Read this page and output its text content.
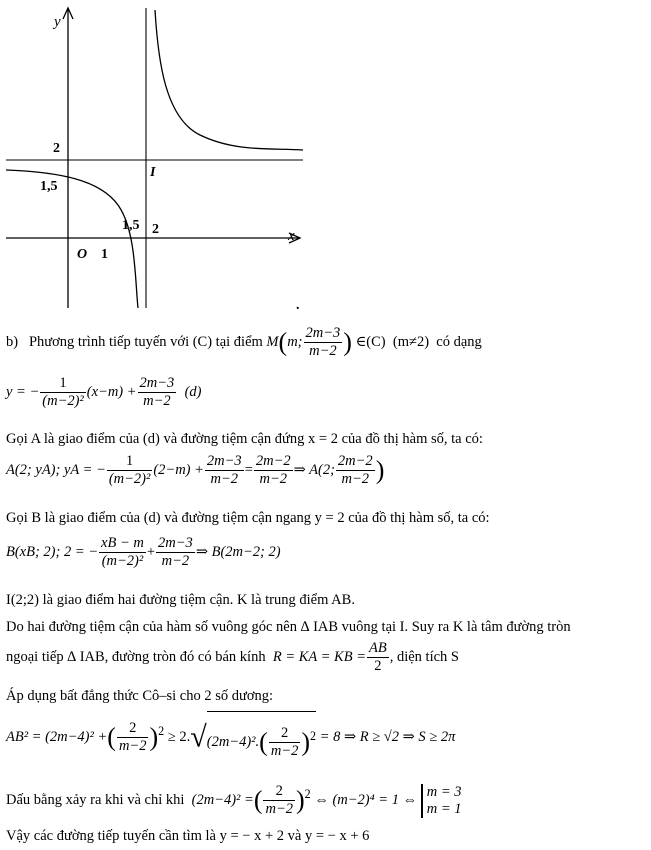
y
x
2
1,5
I
1,5 2
O 1
.
b) Phương trình tiếp tuyến với (C) tại điểm M(m; $\frac{2m-3}{m-2}$ ) ∈(C) (m≠2) có dạng
y = − $\frac{1}{\text{(m−2)²}} (x-m) + \frac{2m-3}{m-2} (d)$
Gọi A là giao điểm của (d) và đường tiệm cận đứng x = 2 của đồ thị hàm số, ta có:
A(2; yA); yA = − $\frac{1}{\text{(m−2)²}} (2-m) + \frac{2m-3}{m-2} = \frac{2m-2}{m-2}$ ⇒ A(2; $\frac{2m-2}{m-2}$ )
Gọi B là giao điểm của (d) và đường tiệm cận ngang y = 2 của đồ thị hàm số, ta có:
B(xB; 2); 2 = − $\frac{xB - m}{\text{(m−2)²}} + \frac{2m-3}{m-2}$ ⇒ B(2m−2; 2)
I(2;2) là giao điểm hai đường tiệm cận. K là trung điểm AB.
Do hai đường tiệm cận của hàm số vuông góc nên ∆ IAB vuông tại I. Suy ra K là tâm đường tròn
ngoại tiếp ∆ IAB, đường tròn đó có bán kính R = KA = KB = $\frac{AB}{2}$ , diện tích S
Áp dụng bất đẳng thức Cô–si cho 2 số dương:
AB² = (2m−4)² +( $\frac{2}{m-2} )^2 \ge 2.√(2m-4)^2.( \frac{2}{m-2} )^2 = 8$ ⇒ R ≥ √2 ⇒ S ≥ 2π
Dấu bằng xảy ra khi và chỉ khi (2m−4)² =( $\frac{2}{m-2} )^2$ ⇔ (m−2)⁴ = 1 ⇔
m = 3
m = 1
Vậy các đường tiếp tuyến cần tìm là y = − x + 2 và y = − x + 6
